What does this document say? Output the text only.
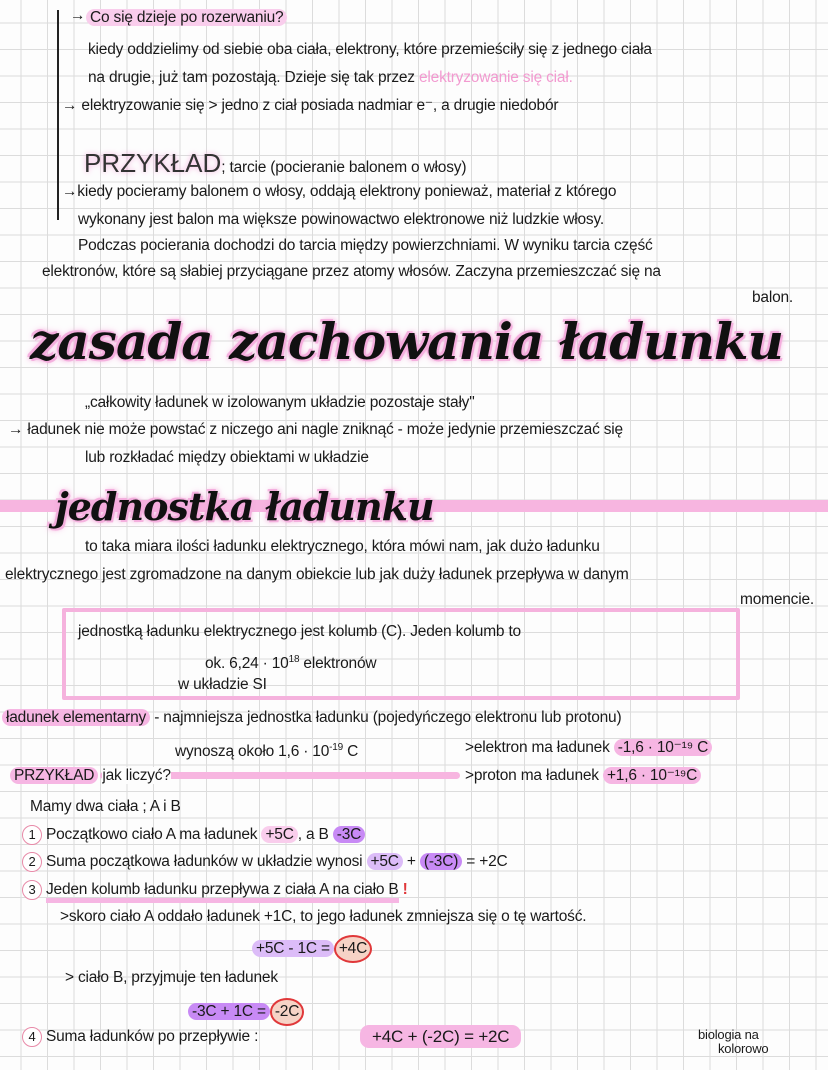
→ Co się dzieje po rozerwaniu?
kiedy oddzielimy od siebie oba ciała, elektrony, które przemieściły się z jednego ciała
na drugie, już tam pozostają. Dzieje się tak przez elektryzowanie się ciał.
→ elektryzowanie się > jedno z ciał posiada nadmiar e⁻, a drugie niedobór
PRZYKŁAD; tarcie (pocieranie balonem o włosy)
→kiedy pocieramy balonem o włosy, oddają elektrony ponieważ, materiał z którego
wykonany jest balon ma większe powinowactwo elektronowe niż ludzkie włosy.
Podczas pocierania dochodzi do tarcia między powierzchniami. W wyniku tarcia część
elektronów, które są słabiej przyciągane przez atomy włosów. Zaczyna przemieszczać się na
balon.
zasada zachowania ładunku
„całkowity ładunek w izolowanym układzie pozostaje stały"
→ ładunek nie może powstać z niczego ani nagle zniknąć - może jedynie przemieszczać się
lub rozkładać między obiektami w układzie
jednostka ładunku
to taka miara ilości ładunku elektrycznego, która mówi nam, jak dużo ładunku
elektrycznego jest zgromadzone na danym obiekcie lub jak duży ładunek przepływa w danym
momencie.
jednostką ładunku elektrycznego jest kolumb (C). Jeden kolumb to
ok. $6,24 \cdot 10^{18}$ elektronów
w układzie SI
ładunek elementarny - najmniejsza jednostka ładunku (pojedyńczego elektronu lub protonu)
wynoszą około $1,6 \cdot 10^{-19}$ C	>elektron ma ładunek -1,6 · 10⁻¹⁹ C
PRZYKŁAD jak liczyć?	>proton ma ładunek +1,6 · 10⁻¹⁹C
Mamy dwa ciała ; A i B
1 Początkowo ciało A ma ładunek +5C , a B -3C
2 Suma początkowa ładunków w układzie wynosi +5C + (-3C) = +2C
3 Jeden kolumb ładunku przepływa z ciała A na ciało B !
>skoro ciało A oddało ładunek +1C, to jego ładunek zmniejsza się o tę wartość.
+5C - 1C = +4C
> ciało B, przyjmuje ten ładunek
-3C + 1C = -2C
4 Suma ładunków po przepływie :	+4C + (-2C) = +2C	biologia na
kolorowo
